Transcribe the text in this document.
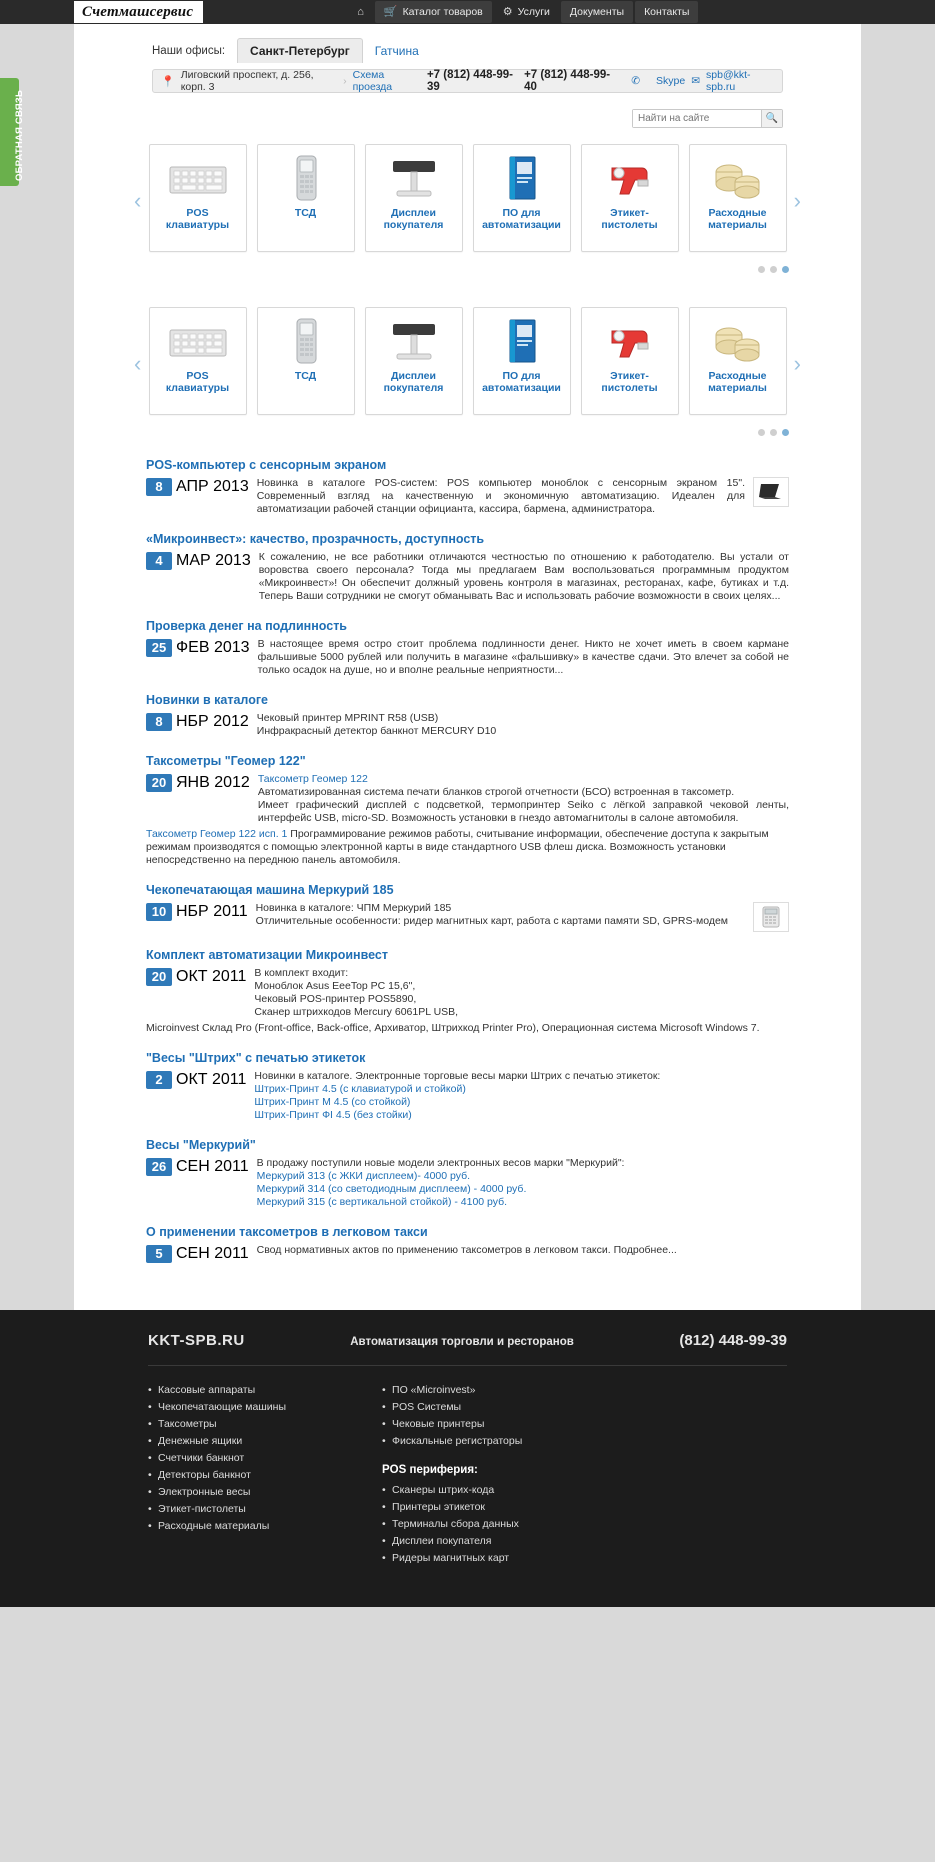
Счетмашсервис	⌂ 🛒 Каталог товаров ⚙ Услуги Документы Контакты
ОБРАТНАЯ СВЯЗЬ
Наши офисы:	Санкт-Петербург	Гатчина
📍
Лиговский проспект, д. 256, корп. 3	› Схема проезда
+7 (812) 448-99-39
+7 (812) 448-99-40	✆ Skype ✉ spb@kkt-spb.ru
Найти на сайте
🔍
‹	›
POS клавиатуры
ТСД	Дисплеи покупателя
ПО для автоматизации
Этикет-пистолеты
Расходные материалы
‹	›
POS клавиатуры
ТСД	Дисплеи покупателя
ПО для автоматизации
Этикет-пистолеты
Расходные материалы
POS-компьютер с сенсорным экраном
8 АПР 2013 Новинка в каталоге POS-систем: POS компьютер моноблок с сенсорным экраном 15". Современный взгляд на качественную и экономичную автоматизацию. Идеален для автоматизации рабочей станции официанта, кассира, бармена, администратора.
«Микроинвест»: качество, прозрачность, доступность
4 МАР 2013 К сожалению, не все работники отличаются честностью по отношению к работодателю. Вы устали от воровства своего персонала? Тогда мы предлагаем Вам воспользоваться программным продуктом «Микроинвест»! Он обеспечит должный уровень контроля в магазинах, ресторанах, кафе, бутиках и т.д. Теперь Ваши сотрудники не смогут обманывать Вас и использовать рабочие возможности в своих целях...
Проверка денег на подлинность
25 ФЕВ 2013 В настоящее время остро стоит проблема подлинности денег. Никто не хочет иметь в своем кармане фальшивые 5000 рублей или получить в магазине «фальшивку» в качестве сдачи. Это влечет за собой не только осадок на душе, но и вполне реальные неприятности...
Новинки в каталоге
8 НБР 2012 Чековый принтер MPRINT R58 (USB)
Инфракрасный детектор банкнот MERCURY D10
Таксометры "Геомер 122"
20 ЯНВ 2012 Таксометр Геомер 122
Автоматизированная система печати бланков строгой отчетности (БСО) встроенная в таксометр.
Имеет графический дисплей с подсветкой, термопринтер Seiko с лёгкой заправкой чековой ленты, интерфейс USB, micro-SD. Возможность установки в гнездо автомагнитолы в салоне автомобиля.
Таксометр Геомер 122 исп. 1 Программирование режимов работы, считывание информации, обеспечение доступа к закрытым режимам производятся с помощью электронной карты в виде стандартного USB флеш диска. Возможность установки непосредственно на переднюю панель автомобиля.
Чекопечатающая машина Меркурий 185
10 НБР 2011 Новинка в каталоге: ЧПМ Меркурий 185
Отличительные особенности: ридер магнитных карт, работа с картами памяти SD, GPRS-модем
Комплект автоматизации Микроинвест
20 ОКТ 2011 В комплект входит:
Моноблок Asus EeeTop PC 15,6",
Чековый POS-принтер POS5890,
Сканер штрихкодов Mercury 6061PL USB,
Microinvest Склад Pro (Front-office, Back-office, Архиватор, Штрихкод Printer Pro), Операционная система Microsoft Windows 7.
"Весы "Штрих" с печатью этикеток
2 ОКТ 2011 Новинки в каталоге. Электронные торговые весы марки Штрих с печатью этикеток:
Штрих-Принт 4.5 (с клавиатурой и стойкой)
Штрих-Принт М 4.5 (со стойкой)
Штрих-Принт ФI 4.5 (без стойки)
Весы "Меркурий"
26 СЕН 2011 В продажу поступили новые модели электронных весов марки "Меркурий":
Меркурий 313 (с ЖКИ дисплеем)- 4000 руб.
Меркурий 314 (со светодиодным дисплеем) - 4000 руб.
Меркурий 315 (с вертикальной стойкой) - 4100 руб.
О применении таксометров в легковом такси
5 СЕН 2011 Свод нормативных актов по применению таксометров в легковом такси. Подробнее...
KKT-SPB.RU	Автоматизация торговли и ресторанов	(812) 448-99-39
• Кассовые аппараты
• Чекопечатающие машины
• Таксометры
• Денежные ящики
• Счетчики банкнот
• Детекторы банкнот
• Электронные весы
• Этикет-пистолеты
• Расходные материалы
• ПО «Microinvest»
• POS Системы
• Чековые принтеры
• Фискальные регистраторы
POS периферия:
• Сканеры штрих-кода
• Принтеры этикеток
• Терминалы сбора данных
• Дисплеи покупателя
• Ридеры магнитных карт
